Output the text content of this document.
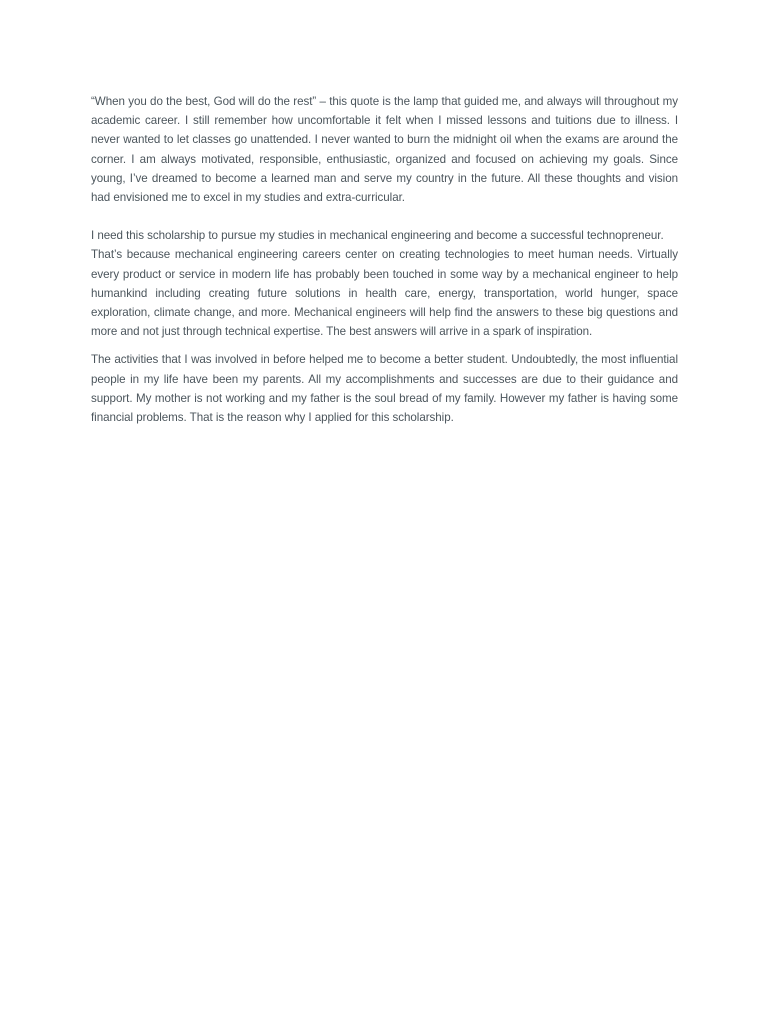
“When you do the best, God will do the rest” – this quote is the lamp that guided me, and always will throughout my academic career. I still remember how uncomfortable it felt when I missed lessons and tuitions due to illness. I never wanted to let classes go unattended. I never wanted to burn the midnight oil when the exams are around the corner. I am always motivated, responsible, enthusiastic, organized and focused on achieving my goals. Since young, I’ve dreamed to become a learned man and serve my country in the future. All these thoughts and vision had envisioned me to excel in my studies and extra-curricular.

I need this scholarship to pursue my studies in mechanical engineering and become a successful technopreneur.

That’s because mechanical engineering careers center on creating technologies to meet human needs. Virtually every product or service in modern life has probably been touched in some way by a mechanical engineer to help humankind including creating future solutions in health care, energy, transportation, world hunger, space exploration, climate change, and more. Mechanical engineers will help find the answers to these big questions and more and not just through technical expertise. The best answers will arrive in a spark of inspiration.

The activities that I was involved in before helped me to become a better student. Undoubtedly, the most influential people in my life have been my parents. All my accomplishments and successes are due to their guidance and support. My mother is not working and my father is the soul bread of my family. However my father is having some financial problems. That is the reason why I applied for this scholarship.
